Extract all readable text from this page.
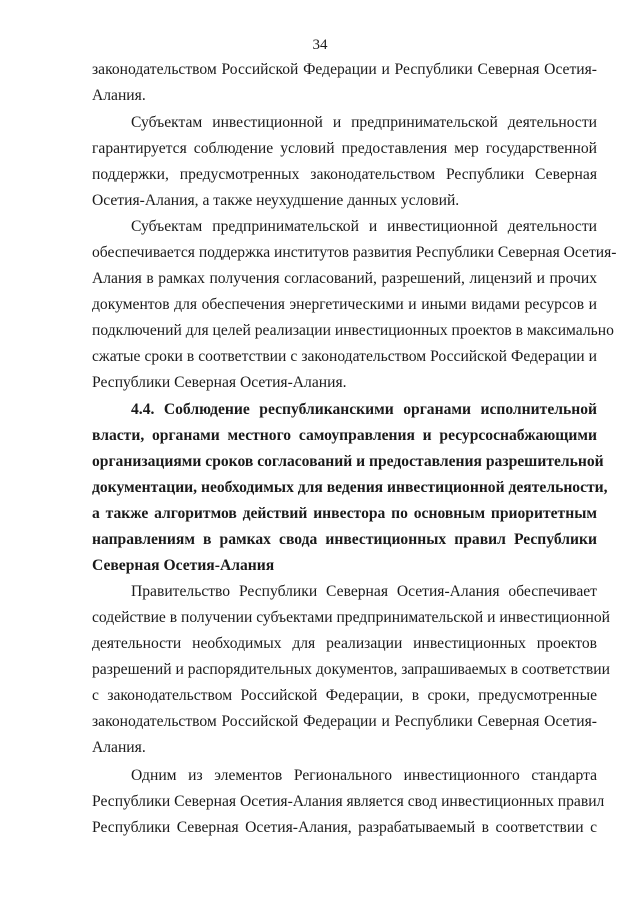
34
законодательством Российской Федерации и Республики Северная Осетия-
Алания.
Субъектам инвестиционной и предпринимательской деятельности
гарантируется соблюдение условий предоставления мер государственной
поддержки, предусмотренных законодательством Республики Северная
Осетия-Алания, а также неухудшение данных условий.
Субъектам предпринимательской и инвестиционной деятельности
обеспечивается поддержка институтов развития Республики Северная Осетия-
Алания в рамках получения согласований, разрешений, лицензий и прочих
документов для обеспечения энергетическими и иными видами ресурсов и
подключений для целей реализации инвестиционных проектов в максимально
сжатые сроки в соответствии с законодательством Российской Федерации и
Республики Северная Осетия-Алания.
4.4. Соблюдение республиканскими органами исполнительной
власти, органами местного самоуправления и ресурсоснабжающими
организациями сроков согласований и предоставления разрешительной
документации, необходимых для ведения инвестиционной деятельности,
а также алгоритмов действий инвестора по основным приоритетным
направлениям в рамках свода инвестиционных правил Республики
Северная Осетия-Алания
Правительство Республики Северная Осетия-Алания обеспечивает
содействие в получении субъектами предпринимательской и инвестиционной
деятельности необходимых для реализации инвестиционных проектов
разрешений и распорядительных документов, запрашиваемых в соответствии
с законодательством Российской Федерации, в сроки, предусмотренные
законодательством Российской Федерации и Республики Северная Осетия-
Алания.
Одним из элементов Регионального инвестиционного стандарта
Республики Северная Осетия-Алания является свод инвестиционных правил
Республики Северная Осетия-Алания, разрабатываемый в соответствии с
